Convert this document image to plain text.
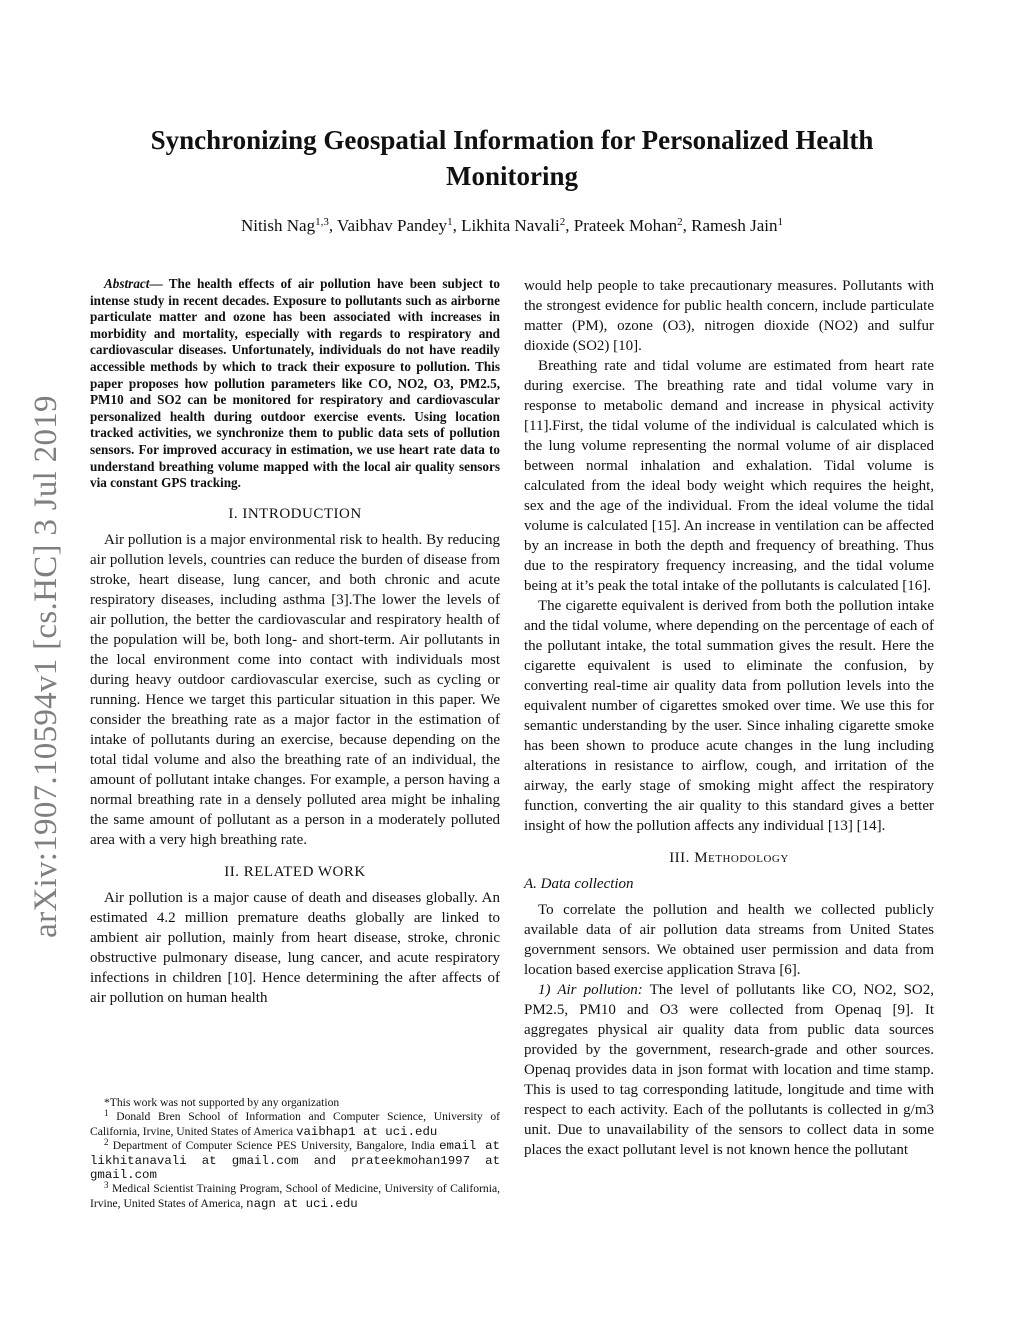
arXiv:1907.10594v1 [cs.HC] 3 Jul 2019
Synchronizing Geospatial Information for Personalized Health Monitoring
Nitish Nag$^{1,3}$, Vaibhav Pandey$^1$, Likhita Navali$^2$, Prateek Mohan$^2$, Ramesh Jain$^1$

Abstract— The health effects of air pollution have been subject to intense study in recent decades. Exposure to pollutants such as airborne particulate matter and ozone has been associated with increases in morbidity and mortality, especially with regards to respiratory and cardiovascular diseases. Unfortunately, individuals do not have readily accessible methods by which to track their exposure to pollution. This paper proposes how pollution parameters like CO, NO2, O3, PM2.5, PM10 and SO2 can be monitored for respiratory and cardiovascular personalized health during outdoor exercise events. Using location tracked activities, we synchronize them to public data sets of pollution sensors. For improved accuracy in estimation, we use heart rate data to understand breathing volume mapped with the local air quality sensors via constant GPS tracking.

I. INTRODUCTION

Air pollution is a major environmental risk to health. By reducing air pollution levels, countries can reduce the burden of disease from stroke, heart disease, lung cancer, and both chronic and acute respiratory diseases, including asthma [3].The lower the levels of air pollution, the better the cardiovascular and respiratory health of the population will be, both long- and short-term. Air pollutants in the local environment come into contact with individuals most during heavy outdoor cardiovascular exercise, such as cycling or running. Hence we target this particular situation in this paper. We consider the breathing rate as a major factor in the estimation of intake of pollutants during an exercise, because depending on the total tidal volume and also the breathing rate of an individual, the amount of pollutant intake changes. For example, a person having a normal breathing rate in a densely polluted area might be inhaling the same amount of pollutant as a person in a moderately polluted area with a very high breathing rate.

II. RELATED WORK

Air pollution is a major cause of death and diseases globally. An estimated 4.2 million premature deaths globally are linked to ambient air pollution, mainly from heart disease, stroke, chronic obstructive pulmonary disease, lung cancer, and acute respiratory infections in children [10]. Hence determining the after affects of air pollution on human health

*This work was not supported by any organization

$^1$ Donald Bren School of Information and Computer Science, University of California, Irvine, United States of America vaibhap1 at uci.edu

$^2$ Department of Computer Science PES University, Bangalore, India email at likhitanavali at gmail.com and prateekmohan1997 at gmail.com

$^3$ Medical Scientist Training Program, School of Medicine, University of California, Irvine, United States of America, nagn at uci.edu

would help people to take precautionary measures. Pollutants with the strongest evidence for public health concern, include particulate matter (PM), ozone (O3), nitrogen dioxide (NO2) and sulfur dioxide (SO2) [10].

Breathing rate and tidal volume are estimated from heart rate during exercise. The breathing rate and tidal volume vary in response to metabolic demand and increase in physical activity [11].First, the tidal volume of the individual is calculated which is the lung volume representing the normal volume of air displaced between normal inhalation and exhalation. Tidal volume is calculated from the ideal body weight which requires the height, sex and the age of the individual. From the ideal volume the tidal volume is calculated [15]. An increase in ventilation can be affected by an increase in both the depth and frequency of breathing. Thus due to the respiratory frequency increasing, and the tidal volume being at it’s peak the total intake of the pollutants is calculated [16].

The cigarette equivalent is derived from both the pollution intake and the tidal volume, where depending on the percentage of each of the pollutant intake, the total summation gives the result. Here the cigarette equivalent is used to eliminate the confusion, by converting real-time air quality data from pollution levels into the equivalent number of cigarettes smoked over time. We use this for semantic understanding by the user. Since inhaling cigarette smoke has been shown to produce acute changes in the lung including alterations in resistance to airflow, cough, and irritation of the airway, the early stage of smoking might affect the respiratory function, converting the air quality to this standard gives a better insight of how the pollution affects any individual [13] [14].

III. Methodology
A. Data collection

To correlate the pollution and health we collected publicly available data of air pollution data streams from United States government sensors. We obtained user permission and data from location based exercise application Strava [6].

1) Air pollution: The level of pollutants like CO, NO2, SO2, PM2.5, PM10 and O3 were collected from Openaq [9]. It aggregates physical air quality data from public data sources provided by the government, research-grade and other sources. Openaq provides data in json format with location and time stamp. This is used to tag corresponding latitude, longitude and time with respect to each activity. Each of the pollutants is collected in g/m3 unit. Due to unavailability of the sensors to collect data in some places the exact pollutant level is not known hence the pollutant
